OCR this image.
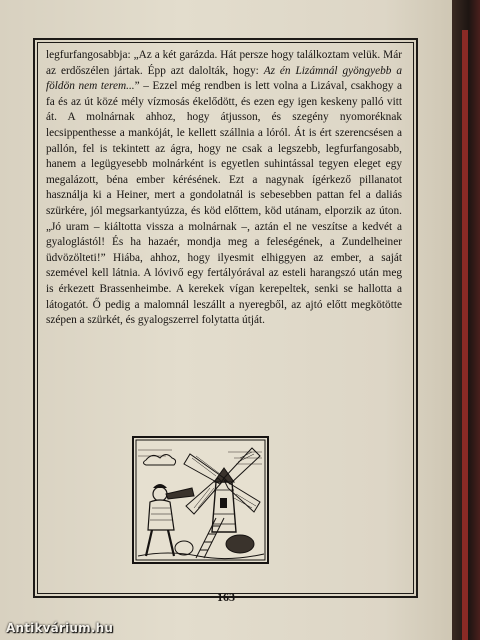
legfurfangosabbja: „Az a két garázda. Hát persze hogy találkoztam velük. Már az erdőszélen jártak. Épp azt dalolták, hogy: Az én Lizámnál gyöngyebb a földön nem terem...” – Ezzel még rendben is lett volna a Lizával, csakhogy a fa és az út közé mély vízmosás ékelődött, és ezen egy igen keskeny palló vitt át. A molnárnak ahhoz, hogy átjusson, és szegény nyomoréknak lecsippenthesse a mankóját, le kellett szállnia a lóról. Át is ért szerencsésen a pallón, fel is tekintett az ágra, hogy ne csak a legszebb, legfurfangosabb, hanem a legügyesebb molnárként is egyetlen suhintással tegyen eleget egy megalázott, béna ember kérésének. Ezt a nagynak ígérkező pillanatot használja ki a Heiner, mert a gondolatnál is sebesebben pattan fel a daliás szürkére, jól megsarkantyúzza, és köd előttem, köd utánam, elporzik az úton. „Jó uram – kiáltotta vissza a molnárnak –, aztán el ne veszítse a kedvét a gyaloglástól! És ha hazaér, mondja meg a feleségének, a Zundelheiner üdvözölteti!” Hiába, ahhoz, hogy ilyesmit elhiggyen az ember, a saját szemével kell látnia. A lóvivő egy fertályórával az esteli harangszó után meg is érkezett Brassenheimbe. A kerekek vígan kerepeltek, senki se hallotta a látogatót. Ő pedig a malomnál leszállt a nyeregből, az ajtó előtt megkötötte szépen a szürkét, és gyalogszerrel folytatta útját.

163
Antikvárium.hu
